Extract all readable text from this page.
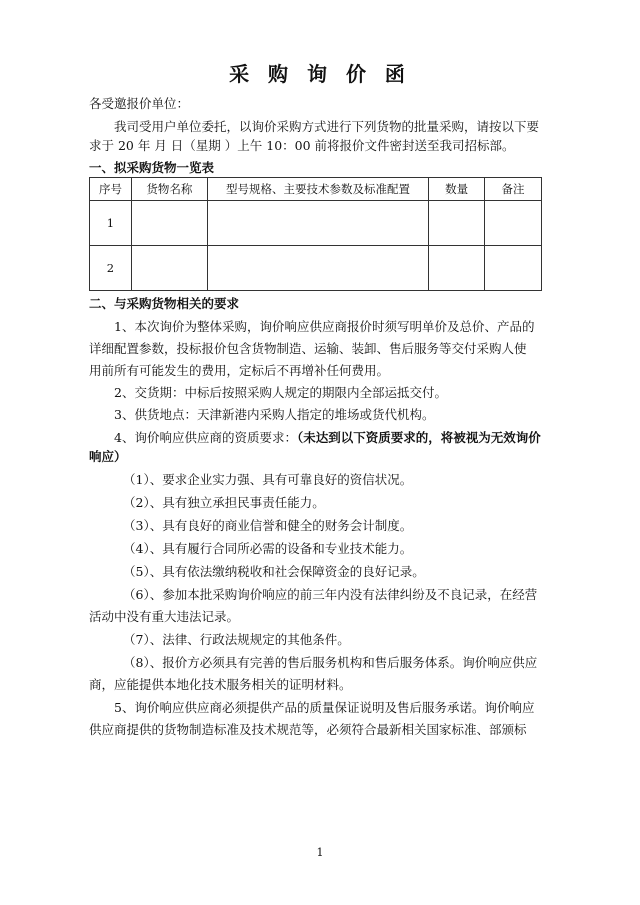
采 购 询 价 函
各受邀报价单位：
我司受用户单位委托，以询价采购方式进行下列货物的批量采购，请按以下要
求于 20 年 月 日（星期 ）上午 10：00 前将报价文件密封送至我司招标部。
一、拟采购货物一览表
序号	货物名称	型号规格、主要技术参数及标准配置	数量	备注
1				
2				
二、与采购货物相关的要求
1、本次询价为整体采购，询价响应供应商报价时须写明单价及总价、产品的
详细配置参数，投标报价包含货物制造、运输、装卸、售后服务等交付采购人使
用前所有可能发生的费用，定标后不再增补任何费用。
2、交货期：中标后按照采购人规定的期限内全部运抵交付。
3、供货地点：天津新港内采购人指定的堆场或货代机构。
4、询价响应供应商的资质要求：（未达到以下资质要求的，将被视为无效询价
响应）
（1）、要求企业实力强、具有可靠良好的资信状况。
（2）、具有独立承担民事责任能力。
（3）、具有良好的商业信誉和健全的财务会计制度。
（4）、具有履行合同所必需的设备和专业技术能力。
（5）、具有依法缴纳税收和社会保障资金的良好记录。
（6）、参加本批采购询价响应的前三年内没有法律纠纷及不良记录，在经营
活动中没有重大违法记录。
（7）、法律、行政法规规定的其他条件。
（8）、报价方必须具有完善的售后服务机构和售后服务体系。询价响应供应
商，应能提供本地化技术服务相关的证明材料。
5、询价响应供应商必须提供产品的质量保证说明及售后服务承诺。询价响应
供应商提供的货物制造标准及技术规范等，必须符合最新相关国家标准、部颁标
1
